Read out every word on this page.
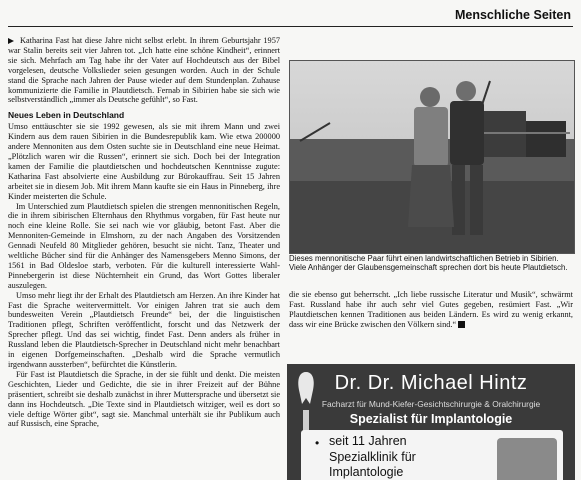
Menschliche Seiten

Katharina Fast hat diese Jahre nicht selbst erlebt. In ihrem Geburtsjahr 1957 war Stalin bereits seit vier Jahren tot. „Ich hatte eine schöne Kindheit“, erinnert sie sich. Mehrfach am Tag habe ihr der Vater auf Hochdeutsch aus der Bibel vorgelesen, deutsche Volkslieder seien gesungen worden. Auch in der Schule stand die Sprache nach Jahren der Pause wieder auf dem Stundenplan. Zuhause kommunizierte die Familie in Plautdietsch. Fernab in Sibirien habe sie sich wie selbstverständlich „immer als Deutsche gefühlt“, so Fast.

Neues Leben in Deutschland

Umso enttäuschter sie sie 1992 gewesen, als sie mit ihrem Mann und zwei Kindern aus dem rauen Sibirien in die Bundesrepublik kam. Wie etwa 200000 andere Mennoniten aus dem Osten suchte sie in Deutschland eine neue Heimat. „Plötzlich waren wir die Russen“, erinnert sie sich. Doch bei der Integration kamen der Familie die plautdietschen und hochdeutschen Kenntnisse zugute: Katharina Fast absolvierte eine Ausbildung zur Bürokauffrau. Seit 15 Jahren arbeitet sie in diesem Job. Mit ihrem Mann kaufte sie ein Haus in Pinneberg, ihre Kinder meisterten die Schule.

Im Unterschied zum Plautdietsch spielen die strengen mennonitischen Regeln, die in ihrem sibirischen Elternhaus den Rhythmus vorgaben, für Fast heute nur noch eine kleine Rolle. Sie sei nach wie vor gläubig, betont Fast. Aber die Mennoniten-Gemeinde in Elmshorn, zu der nach Angaben des Vorsitzenden Gennadi Neufeld 80 Mitglieder gehören, besucht sie nicht. Tanz, Theater und weltliche Bücher sind für die Anhänger des Namensgebers Menno Simons, der 1561 in Bad Oldesloe starb, verboten. Für die kulturell interessierte Wahl-Pinnebergerin ist diese Nüchternheit ein Grund, das Wort Gottes liberaler auszulegen.

Umso mehr liegt ihr der Erhalt des Plautdietsch am Herzen. An ihre Kinder hat Fast die Sprache weitervermittelt. Vor einigen Jahren trat sie auch dem bundesweiten Verein „Plautdietsch Freunde“ bei, der die linguistischen Traditionen pflegt, Schriften veröffentlicht, forscht und das Netzwerk der Sprecher pflegt. Und das sei wichtig, findet Fast. Denn anders als früher in Russland leben die Plautdietsch-Sprecher in Deutschland nicht mehr benachbart in eigenen Dorfgemeinschaften. „Deshalb wird die Sprache vermutlich irgendwann aussterben“, befürchtet die Künstlerin.

Für Fast ist Plautdietsch die Sprache, in der sie fühlt und denkt. Die meisten Geschichten, Lieder und Gedichte, die sie in ihrer Freizeit auf der Bühne präsentiert, schreibt sie deshalb zunächst in ihrer Muttersprache und übersetzt sie dann ins Hochdeutsch. „Die Texte sind in Plautdietsch witziger, weil es dort so viele deftige Wörter gibt“, sagt sie. Manchmal unterhält sie ihr Publikum auch auf Russisch, eine Sprache,

Dieses mennonitische Paar führt einen landwirtschaftlichen Betrieb in Sibirien. Viele Anhänger der Glaubensgemeinschaft sprechen dort bis heute Plautdietsch.
die sie ebenso gut beherrscht. „Ich liebe russische Literatur und Musik“, schwärmt Fast. Russland habe ihr auch sehr viel Gutes gegeben, resümiert Fast. „Wir Plautdietschen kennen Traditionen aus beiden Ländern. Es wird zu wenig erkannt, dass wir eine Brücke zwischen den Völkern sind.“
Dr. Dr. Michael Hintz
Facharzt für Mund-Kiefer-Gesichtschirurgie & Oralchirurgie
Spezialist für Implantologie
• seit 11 Jahren
Spezialklinik für
Implantologie
